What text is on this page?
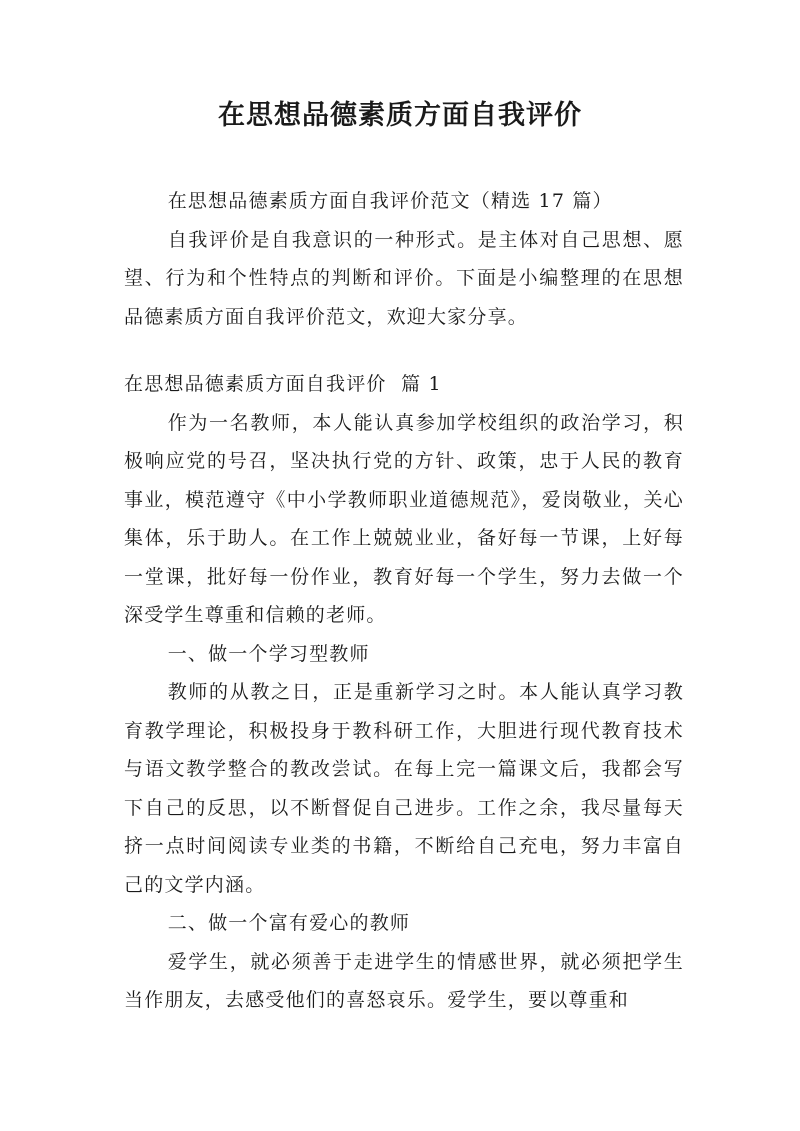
在思想品德素质方面自我评价

在思想品德素质方面自我评价范文（精选 17 篇）

自我评价是自我意识的一种形式。是主体对自己思想、愿望、行为和个性特点的判断和评价。下面是小编整理的在思想品德素质方面自我评价范文，欢迎大家分享。

在思想品德素质方面自我评价  篇 1

作为一名教师，本人能认真参加学校组织的政治学习，积极响应党的号召，坚决执行党的方针、政策，忠于人民的教育事业，模范遵守《中小学教师职业道德规范》，爱岗敬业，关心集体，乐于助人。在工作上兢兢业业，备好每一节课，上好每一堂课，批好每一份作业，教育好每一个学生，努力去做一个深受学生尊重和信赖的老师。

一、做一个学习型教师

教师的从教之日，正是重新学习之时。本人能认真学习教育教学理论，积极投身于教科研工作，大胆进行现代教育技术与语文教学整合的教改尝试。在每上完一篇课文后，我都会写下自己的反思，以不断督促自己进步。工作之余，我尽量每天挤一点时间阅读专业类的书籍，不断给自己充电，努力丰富自己的文学内涵。

二、做一个富有爱心的教师

爱学生，就必须善于走进学生的情感世界，就必须把学生当作朋友，去感受他们的喜怒哀乐。爱学生，要以尊重和
